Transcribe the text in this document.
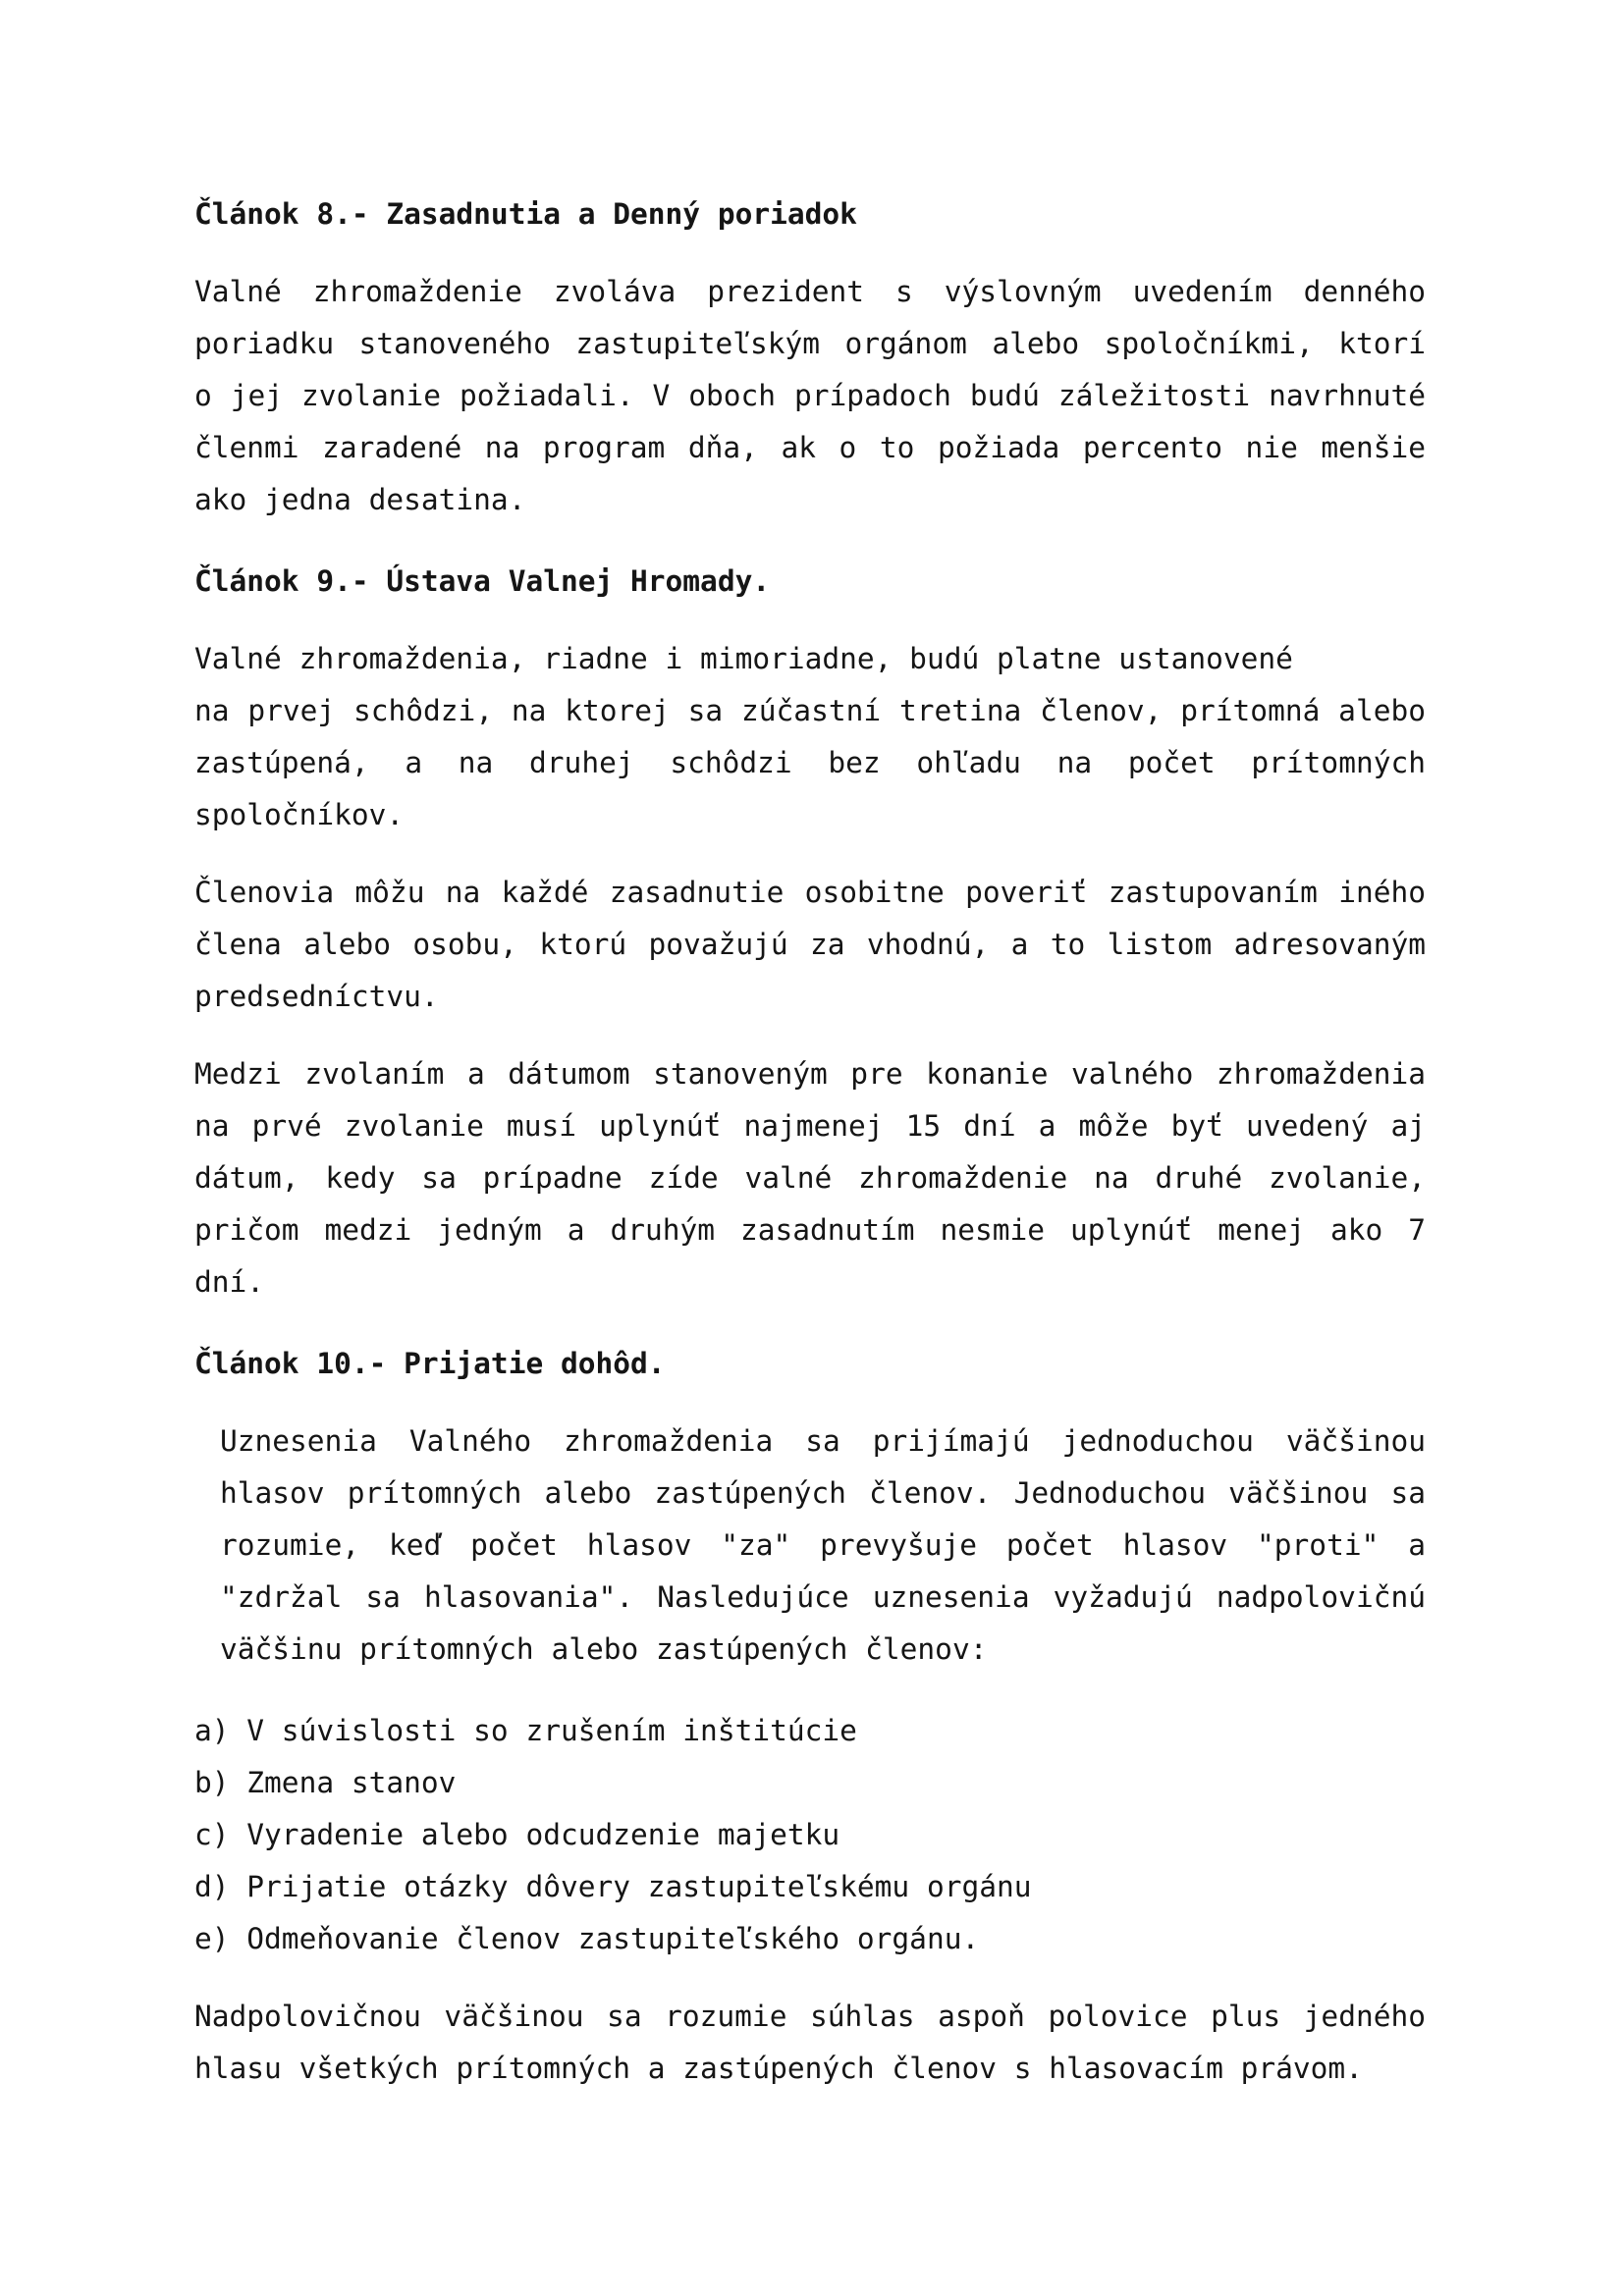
Článok 8.- Zasadnutia a Denný poriadok
Valné zhromaždenie zvoláva prezident s výslovným uvedením denného
poriadku stanoveného zastupiteľským orgánom alebo spoločníkmi, ktorí
o jej zvolanie požiadali. V oboch prípadoch budú záležitosti navrhnuté
členmi zaradené na program dňa, ak o to požiada percento nie menšie
ako jedna desatina.
Článok 9.- Ústava Valnej Hromady.
Valné zhromaždenia, riadne i mimoriadne, budú platne ustanovené
na prvej schôdzi, na ktorej sa zúčastní tretina členov, prítomná alebo
zastúpená, a na druhej schôdzi bez ohľadu na počet prítomných
spoločníkov.
Členovia môžu na každé zasadnutie osobitne poveriť zastupovaním iného
člena alebo osobu, ktorú považujú za vhodnú, a to listom adresovaným
predsedníctvu.
Medzi zvolaním a dátumom stanoveným pre konanie valného zhromaždenia
na prvé zvolanie musí uplynúť najmenej 15 dní a môže byť uvedený aj
dátum, kedy sa prípadne zíde valné zhromaždenie na druhé zvolanie,
pričom medzi jedným a druhým zasadnutím nesmie uplynúť menej ako 7
dní.
Článok 10.- Prijatie dohôd.
Uznesenia Valného zhromaždenia sa prijímajú jednoduchou väčšinou
hlasov prítomných alebo zastúpených členov. Jednoduchou väčšinou sa
rozumie, keď počet hlasov "za" prevyšuje počet hlasov "proti" a
"zdržal sa hlasovania". Nasledujúce uznesenia vyžadujú nadpolovičnú
väčšinu prítomných alebo zastúpených členov:
a) V súvislosti so zrušením inštitúcie
b) Zmena stanov
c) Vyradenie alebo odcudzenie majetku
d) Prijatie otázky dôvery zastupiteľskému orgánu
e) Odmeňovanie členov zastupiteľského orgánu.
Nadpolovičnou väčšinou sa rozumie súhlas aspoň polovice plus jedného
hlasu všetkých prítomných a zastúpených členov s hlasovacím právom.
